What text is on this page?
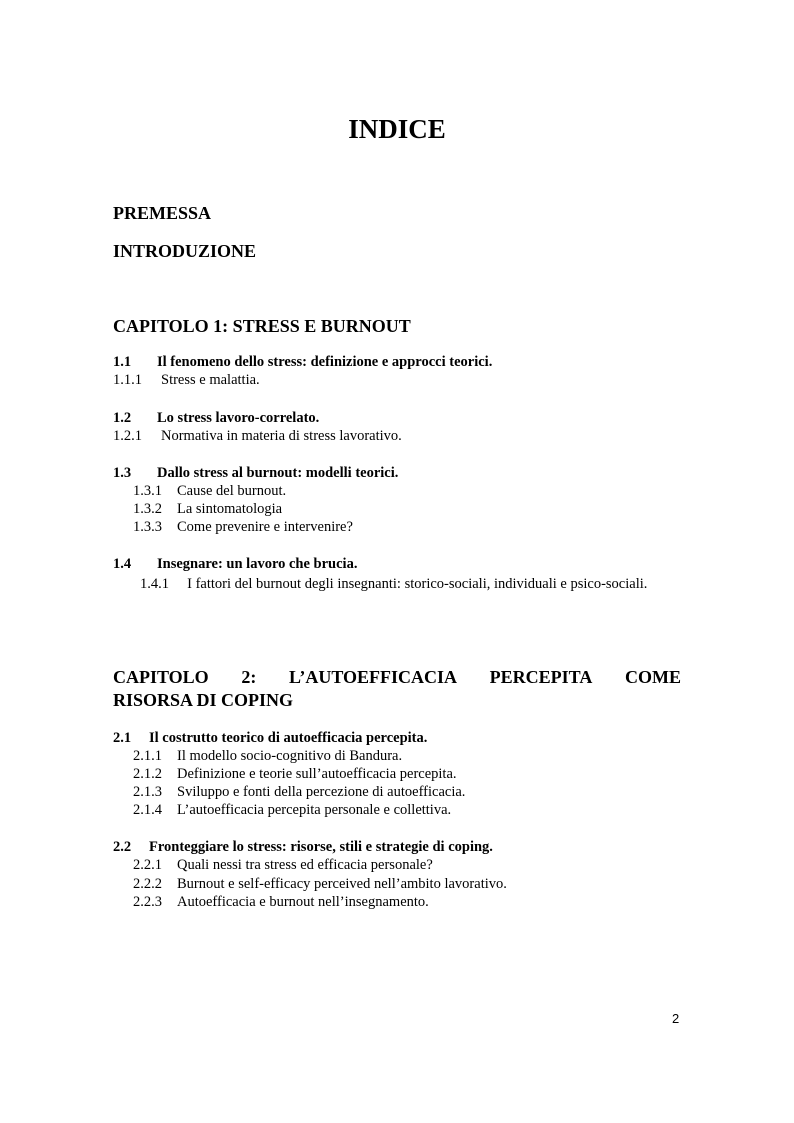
INDICE
PREMESSA
INTRODUZIONE
CAPITOLO 1: STRESS E BURNOUT
1.1 Il fenomeno dello stress: definizione e approcci teorici.
1.1.1 Stress e malattia.
1.2 Lo stress lavoro-correlato.
1.2.1 Normativa in materia di stress lavorativo.
1.3 Dallo stress al burnout: modelli teorici.
1.3.1 Cause del burnout.
1.3.2 La sintomatologia
1.3.3 Come prevenire e intervenire?
1.4 Insegnare: un lavoro che brucia.
1.4.1 I fattori del burnout degli insegnanti: storico-sociali, individuali e psico-sociali.
CAPITOLO 2: L’AUTOEFFICACIA PERCEPITA COME
RISORSA DI COPING
2.1 Il costrutto teorico di autoefficacia percepita.
2.1.1 Il modello socio-cognitivo di Bandura.
2.1.2 Definizione e teorie sull’autoefficacia percepita.
2.1.3 Sviluppo e fonti della percezione di autoefficacia.
2.1.4 L’autoefficacia percepita personale e collettiva.
2.2 Fronteggiare lo stress: risorse, stili e strategie di coping.
2.2.1 Quali nessi tra stress ed efficacia personale?
2.2.2 Burnout e self-efficacy perceived nell’ambito lavorativo.
2.2.3 Autoefficacia e burnout nell’insegnamento.
2
